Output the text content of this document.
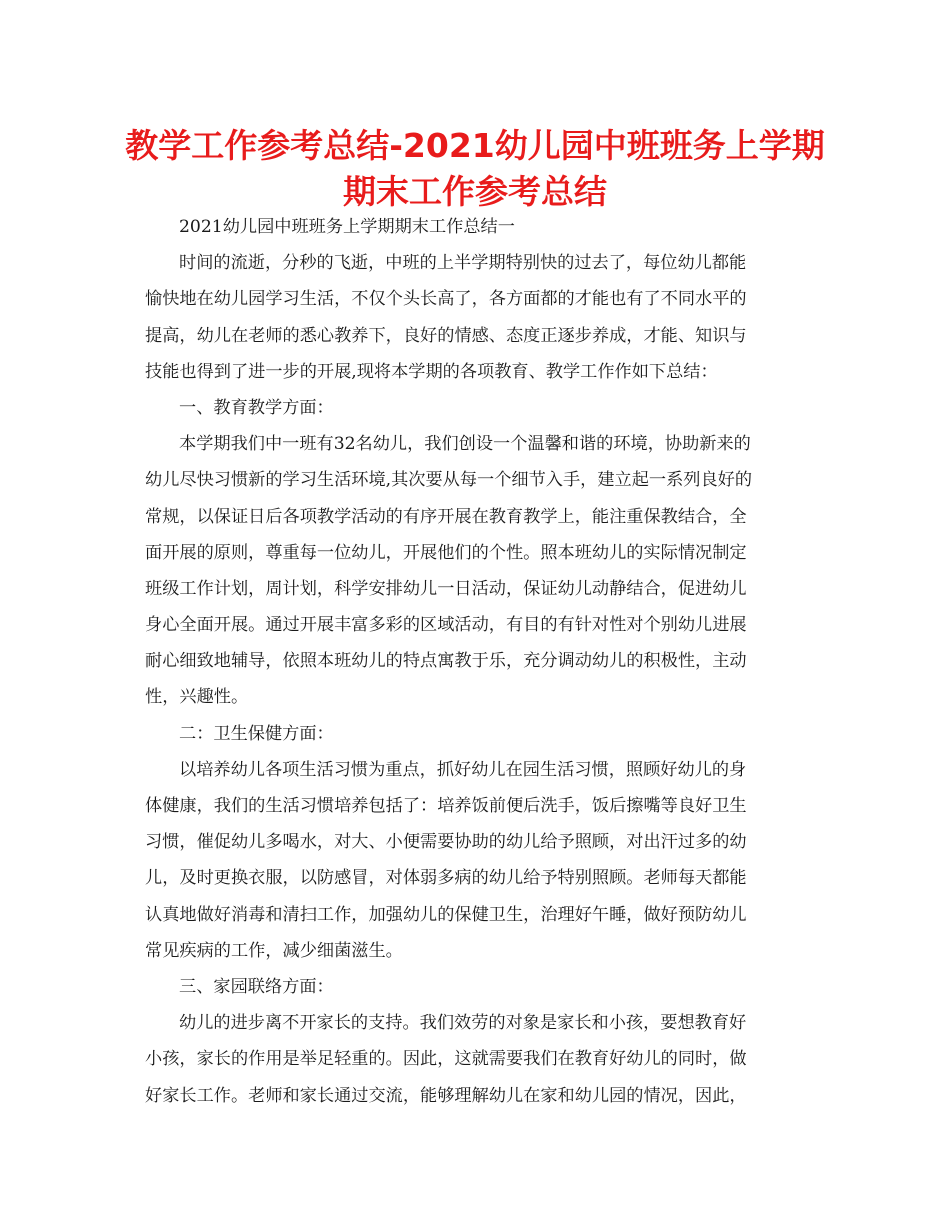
教学工作参考总结-2021幼儿园中班班务上学期
期末工作参考总结
2021幼儿园中班班务上学期期末工作总结一
时间的流逝，分秒的飞逝，中班的上半学期特别快的过去了，每位幼儿都能
愉快地在幼儿园学习生活，不仅个头长高了，各方面都的才能也有了不同水平的
提高，幼儿在老师的悉心教养下，良好的情感、态度正逐步养成，才能、知识与
技能也得到了进一步的开展,现将本学期的各项教育、教学工作作如下总结：
一、教育教学方面：
本学期我们中一班有32名幼儿，我们创设一个温馨和谐的环境，协助新来的
幼儿尽快习惯新的学习生活环境,其次要从每一个细节入手，建立起一系列良好的
常规，以保证日后各项教学活动的有序开展在教育教学上，能注重保教结合，全
面开展的原则，尊重每一位幼儿，开展他们的个性。照本班幼儿的实际情况制定
班级工作计划，周计划，科学安排幼儿一日活动，保证幼儿动静结合，促进幼儿
身心全面开展。通过开展丰富多彩的区域活动，有目的有针对性对个别幼儿进展
耐心细致地辅导，依照本班幼儿的特点寓教于乐，充分调动幼儿的积极性，主动
性，兴趣性。
二：卫生保健方面：
以培养幼儿各项生活习惯为重点，抓好幼儿在园生活习惯，照顾好幼儿的身
体健康，我们的生活习惯培养包括了：培养饭前便后洗手，饭后擦嘴等良好卫生
习惯，催促幼儿多喝水，对大、小便需要协助的幼儿给予照顾，对出汗过多的幼
儿，及时更换衣服，以防感冒，对体弱多病的幼儿给予特别照顾。老师每天都能
认真地做好消毒和清扫工作，加强幼儿的保健卫生，治理好午睡，做好预防幼儿
常见疾病的工作，减少细菌滋生。
三、家园联络方面：
幼儿的进步离不开家长的支持。我们效劳的对象是家长和小孩，要想教育好
小孩，家长的作用是举足轻重的。因此，这就需要我们在教育好幼儿的同时，做
好家长工作。老师和家长通过交流，能够理解幼儿在家和幼儿园的情况，因此，
